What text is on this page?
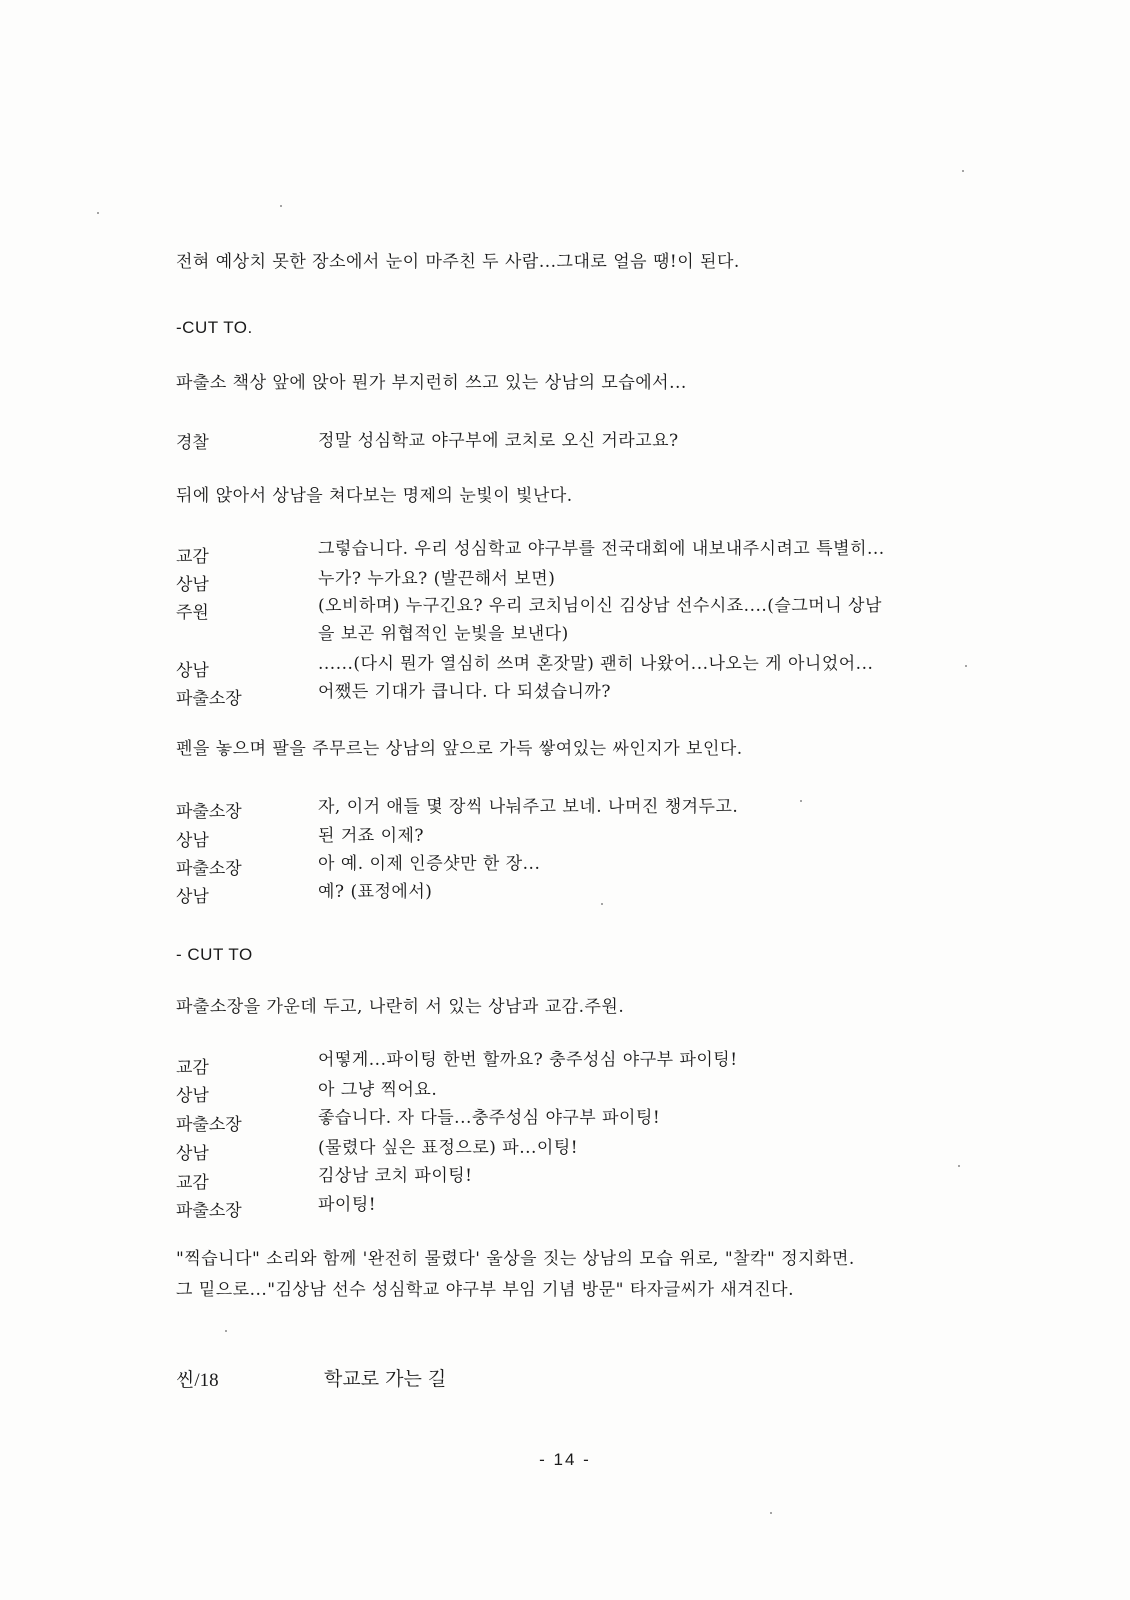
전혀 예상치 못한 장소에서 눈이 마주친 두 사람...그대로 얼음 땡!이 된다.
-CUT TO.
파출소 책상 앞에 앉아 뭔가 부지런히 쓰고 있는 상남의 모습에서...
경찰	정말 성심학교 야구부에 코치로 오신 거라고요?
뒤에 앉아서 상남을 쳐다보는 명제의 눈빛이 빛난다.
교감	그렇습니다. 우리 성심학교 야구부를 전국대회에 내보내주시려고 특별히...
상남	누가? 누가요? (발끈해서 보면)
주원	(오비하며) 누구긴요? 우리 코치님이신 김상남 선수시죠....(슬그머니 상남
을 보곤 위협적인 눈빛을 보낸다)
상남	......(다시 뭔가 열심히 쓰며 혼잣말) 괜히 나왔어...나오는 게 아니었어...
파출소장	어쨌든 기대가 큽니다. 다 되셨습니까?
펜을 놓으며 팔을 주무르는 상남의 앞으로 가득 쌓여있는 싸인지가 보인다.
파출소장	자, 이거 애들 몇 장씩 나눠주고 보네. 나머진 챙겨두고.
상남	된 거죠 이제?
파출소장	아 예. 이제 인증샷만 한 장...
상남	예? (표정에서)
- CUT TO
파출소장을 가운데 두고, 나란히 서 있는 상남과 교감.주원.
교감	어떻게...파이팅 한번 할까요? 충주성심 야구부 파이팅!
상남	아 그냥 찍어요.
파출소장	좋습니다. 자 다들...충주성심 야구부 파이팅!
상남	(물렸다 싶은 표정으로) 파...이팅!
교감	김상남 코치 파이팅!
파출소장	파이팅!
"찍습니다" 소리와 함께 '완전히 물렸다' 울상을 짓는 상남의 모습 위로, "찰칵" 정지화면.
그 밑으로..."김상남 선수 성심학교 야구부 부임 기념 방문" 타자글씨가 새겨진다.
씬/18	학교로 가는 길
- 14 -
